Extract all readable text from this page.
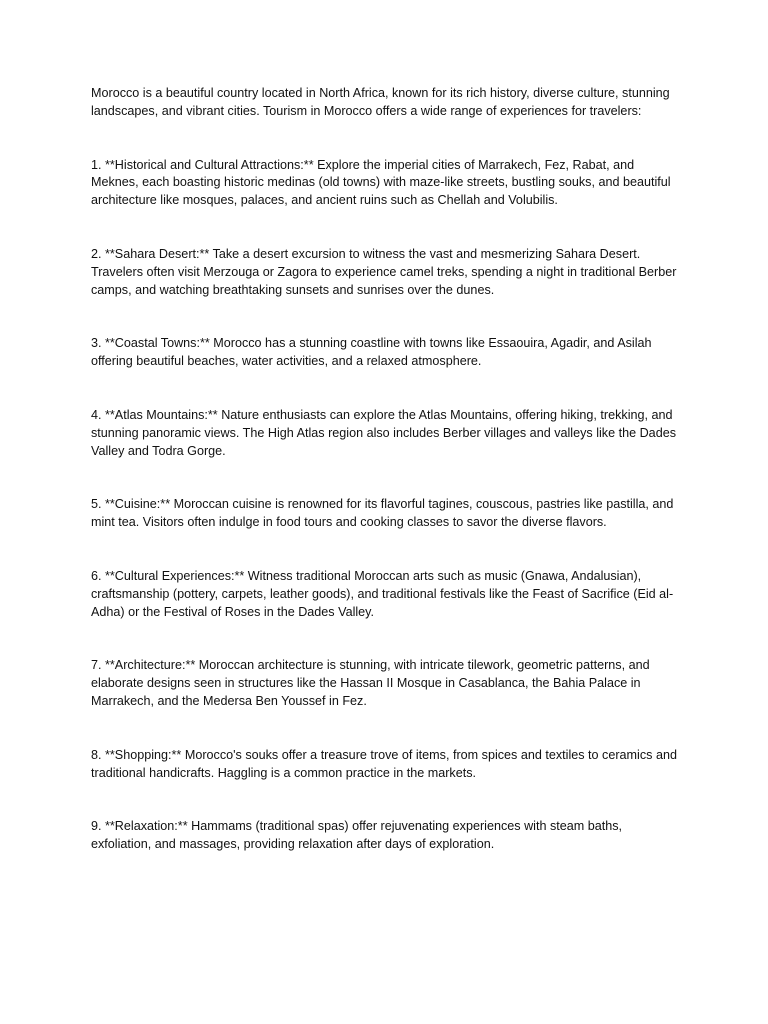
Morocco is a beautiful country located in North Africa, known for its rich history, diverse culture, stunning landscapes, and vibrant cities. Tourism in Morocco offers a wide range of experiences for travelers:

1. **Historical and Cultural Attractions:** Explore the imperial cities of Marrakech, Fez, Rabat, and Meknes, each boasting historic medinas (old towns) with maze-like streets, bustling souks, and beautiful architecture like mosques, palaces, and ancient ruins such as Chellah and Volubilis.

2. **Sahara Desert:** Take a desert excursion to witness the vast and mesmerizing Sahara Desert. Travelers often visit Merzouga or Zagora to experience camel treks, spending a night in traditional Berber camps, and watching breathtaking sunsets and sunrises over the dunes.

3. **Coastal Towns:** Morocco has a stunning coastline with towns like Essaouira, Agadir, and Asilah offering beautiful beaches, water activities, and a relaxed atmosphere.

4. **Atlas Mountains:** Nature enthusiasts can explore the Atlas Mountains, offering hiking, trekking, and stunning panoramic views. The High Atlas region also includes Berber villages and valleys like the Dades Valley and Todra Gorge.

5. **Cuisine:** Moroccan cuisine is renowned for its flavorful tagines, couscous, pastries like pastilla, and mint tea. Visitors often indulge in food tours and cooking classes to savor the diverse flavors.

6. **Cultural Experiences:** Witness traditional Moroccan arts such as music (Gnawa, Andalusian), craftsmanship (pottery, carpets, leather goods), and traditional festivals like the Feast of Sacrifice (Eid al-Adha) or the Festival of Roses in the Dades Valley.

7. **Architecture:** Moroccan architecture is stunning, with intricate tilework, geometric patterns, and elaborate designs seen in structures like the Hassan II Mosque in Casablanca, the Bahia Palace in Marrakech, and the Medersa Ben Youssef in Fez.

8. **Shopping:** Morocco's souks offer a treasure trove of items, from spices and textiles to ceramics and traditional handicrafts. Haggling is a common practice in the markets.

9. **Relaxation:** Hammams (traditional spas) offer rejuvenating experiences with steam baths, exfoliation, and massages, providing relaxation after days of exploration.
